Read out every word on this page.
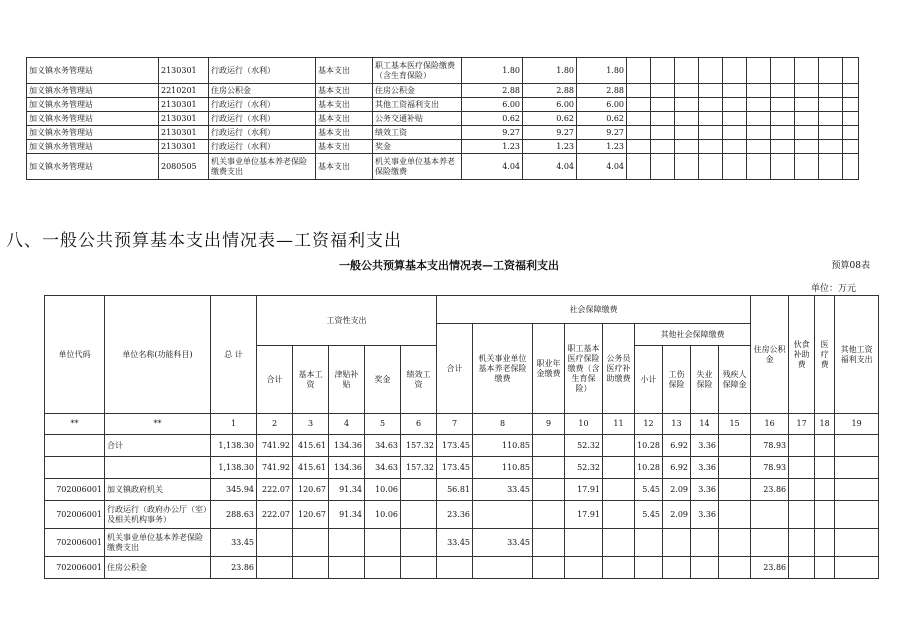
加义镇水务管理站	2130301	行政运行（水利）	基本支出	职工基本医疗保险缴费（含生育保险）	1.80	1.80	1.80										
加义镇水务管理站	2210201	住房公积金	基本支出	住房公积金	2.88	2.88	2.88										
加义镇水务管理站	2130301	行政运行（水利）	基本支出	其他工资福利支出	6.00	6.00	6.00										
加义镇水务管理站	2130301	行政运行（水利）	基本支出	公务交通补贴	0.62	0.62	0.62										
加义镇水务管理站	2130301	行政运行（水利）	基本支出	绩效工资	9.27	9.27	9.27										
加义镇水务管理站	2130301	行政运行（水利）	基本支出	奖金	1.23	1.23	1.23										
加义镇水务管理站	2080505	机关事业单位基本养老保险缴费支出	基本支出	机关事业单位基本养老保险缴费	4.04	4.04	4.04										
八、一般公共预算基本支出情况表—工资福利支出
一般公共预算基本支出情况表—工资福利支出	预算08表
单位：万元
单位代码	单位名称(功能科目)	总 计	工资性支出					社会保障缴费									住房公积金	伙食补助费	医疗费	其他工资福利支出	
								合计	机关事业单位基本养老保险缴费	职业年金缴费	职工基本医疗保险缴费（含生育保险）	公务员医疗补助缴费	其他社会保障缴费								
			合计	基本工资	津贴补贴	奖金	绩效工资						小计	工伤保险	失业保险	残疾人保障金					
**	**	1	2	3	4	5	6	7	8	9	10	11	12	13	14	15	16	17	18	19	
	合计	1,138.30	741.92	415.61	134.36	34.63	157.32	173.45	110.85		52.32		10.28	6.92	3.36		78.93				
		1,138.30	741.92	415.61	134.36	34.63	157.32	173.45	110.85		52.32		10.28	6.92	3.36		78.93				
702006001	加义镇政府机关	345.94	222.07	120.67	91.34	10.06		56.81	33.45		17.91		5.45	2.09	3.36		23.86				
702006001	行政运行（政府办公厅（室）及相关机构事务）	288.63	222.07	120.67	91.34	10.06		23.36			17.91		5.45	2.09	3.36						
702006001	机关事业单位基本养老保险缴费支出	33.45						33.45	33.45												
702006001	住房公积金	23.86															23.86				
